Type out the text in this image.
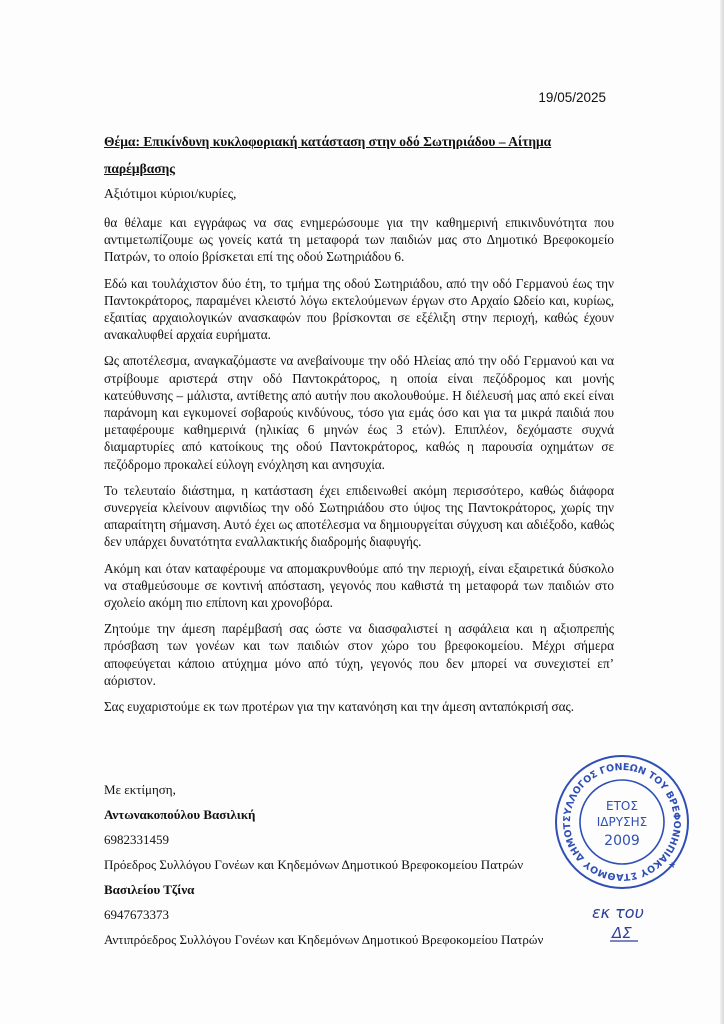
19/05/2025
Θέμα: Επικίνδυνη κυκλοφοριακή κατάσταση στην οδό Σωτηριάδου – Αίτημα παρέμβασης
Αξιότιμοι κύριοι/κυρίες,

θα θέλαμε και εγγράφως να σας ενημερώσουμε για την καθημερινή επικινδυνότητα που αντιμετωπίζουμε ως γονείς κατά τη μεταφορά των παιδιών μας στο Δημοτικό Βρεφοκομείο Πατρών, το οποίο βρίσκεται επί της οδού Σωτηριάδου 6.

Εδώ και τουλάχιστον δύο έτη, το τμήμα της οδού Σωτηριάδου, από την οδό Γερμανού έως την Παντοκράτορος, παραμένει κλειστό λόγω εκτελούμενων έργων στο Αρχαίο Ωδείο και, κυρίως, εξαιτίας αρχαιολογικών ανασκαφών που βρίσκονται σε εξέλιξη στην περιοχή, καθώς έχουν ανακαλυφθεί αρχαία ευρήματα.

Ως αποτέλεσμα, αναγκαζόμαστε να ανεβαίνουμε την οδό Ηλείας από την οδό Γερμανού και να στρίβουμε αριστερά στην οδό Παντοκράτορος, η οποία είναι πεζόδρομος και μονής κατεύθυνσης – μάλιστα, αντίθετης από αυτήν που ακολουθούμε. Η διέλευσή μας από εκεί είναι παράνομη και εγκυμονεί σοβαρούς κινδύνους, τόσο για εμάς όσο και για τα μικρά παιδιά που μεταφέρουμε καθημερινά (ηλικίας 6 μηνών έως 3 ετών). Επιπλέον, δεχόμαστε συχνά διαμαρτυρίες από κατοίκους της οδού Παντοκράτορος, καθώς η παρουσία οχημάτων σε πεζόδρομο προκαλεί εύλογη ενόχληση και ανησυχία.

Το τελευταίο διάστημα, η κατάσταση έχει επιδεινωθεί ακόμη περισσότερο, καθώς διάφορα συνεργεία κλείνουν αιφνιδίως την οδό Σωτηριάδου στο ύψος της Παντοκράτορος, χωρίς την απαραίτητη σήμανση. Αυτό έχει ως αποτέλεσμα να δημιουργείται σύγχυση και αδιέξοδο, καθώς δεν υπάρχει δυνατότητα εναλλακτικής διαδρομής διαφυγής.

Ακόμη και όταν καταφέρουμε να απομακρυνθούμε από την περιοχή, είναι εξαιρετικά δύσκολο να σταθμεύσουμε σε κοντινή απόσταση, γεγονός που καθιστά τη μεταφορά των παιδιών στο σχολείο ακόμη πιο επίπονη και χρονοβόρα.

Ζητούμε την άμεση παρέμβασή σας ώστε να διασφαλιστεί η ασφάλεια και η αξιοπρεπής πρόσβαση των γονέων και των παιδιών στον χώρο του βρεφοκομείου. Μέχρι σήμερα αποφεύγεται κάποιο ατύχημα μόνο από τύχη, γεγονός που δεν μπορεί να συνεχιστεί επ’ αόριστον.

Σας ευχαριστούμε εκ των προτέρων για την κατανόηση και την άμεση ανταπόκρισή σας.

Με εκτίμηση,
Αντωνακοπούλου Βασιλική
6982331459
Πρόεδρος Συλλόγου Γονέων και Κηδεμόνων Δημοτικού Βρεφοκομείου Πατρών
Βασιλείου Τζίνα
6947673373
Αντιπρόεδρος Συλλόγου Γονέων και Κηδεμόνων Δημοτικού Βρεφοκομείου Πατρών
ΣΥΛΛΟΓΟΣ ΓΟΝΕΩΝ ΤΟΥ ΒΡΕΦΟΝΗΠΙΑΚΟΥ ΣΤΑΘΜΟΥ ΔΗΜΟΤ
ΕΤΟΣ
ΙΔΡΥΣΗΣ
2009
★
εκ του
ΔΣ
